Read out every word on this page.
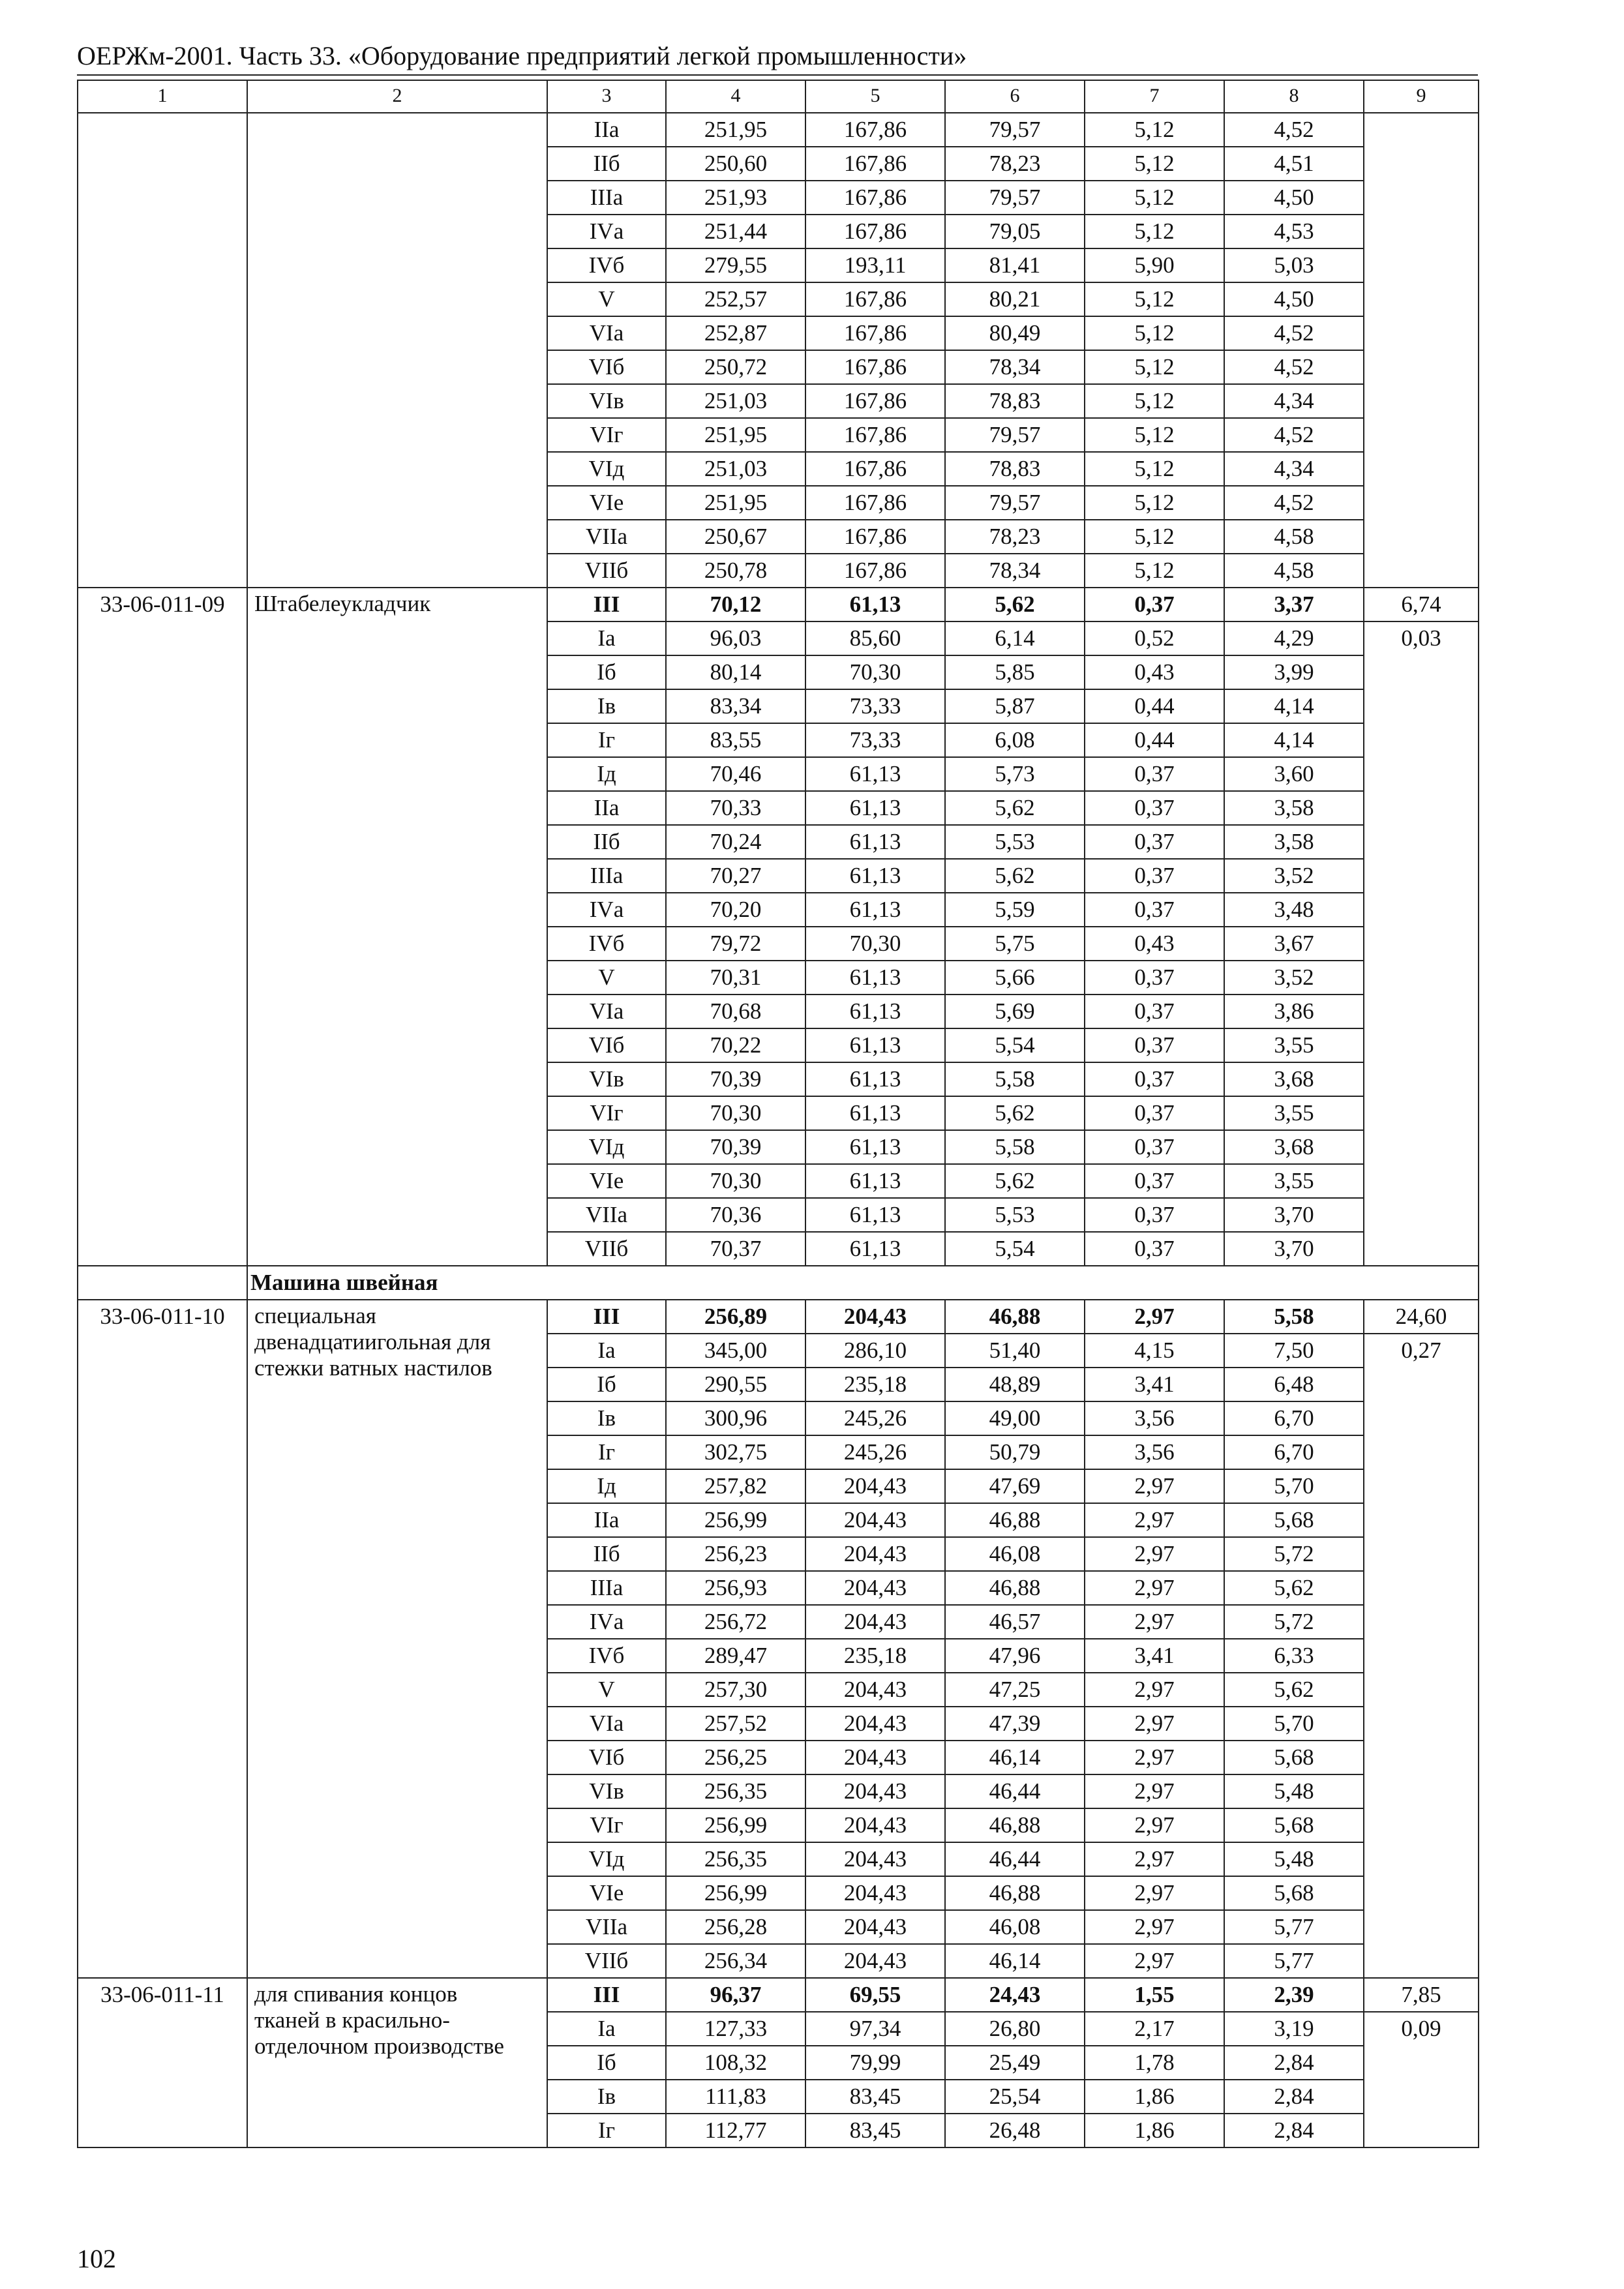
ОЕРЖм-2001. Часть 33. «Оборудование предприятий легкой промышленности»
1	2	3	4	5	6	7	8	9
		IIа	251,95	167,86	79,57	5,12	4,52	
		IIб	250,60	167,86	78,23	5,12	4,51	
		IIIа	251,93	167,86	79,57	5,12	4,50	
		IVа	251,44	167,86	79,05	5,12	4,53	
		IVб	279,55	193,11	81,41	5,90	5,03	
		V	252,57	167,86	80,21	5,12	4,50	
		VIа	252,87	167,86	80,49	5,12	4,52	
		VIб	250,72	167,86	78,34	5,12	4,52	
		VIв	251,03	167,86	78,83	5,12	4,34	
		VIг	251,95	167,86	79,57	5,12	4,52	
		VIд	251,03	167,86	78,83	5,12	4,34	
		VIе	251,95	167,86	79,57	5,12	4,52	
		VIIа	250,67	167,86	78,23	5,12	4,58	
		VIIб	250,78	167,86	78,34	5,12	4,58	
33-06-011-09	Штабелеукладчик	III	70,12	61,13	5,62	0,37	3,37	6,74
		Iа	96,03	85,60	6,14	0,52	4,29	0,03
		Iб	80,14	70,30	5,85	0,43	3,99	
		Iв	83,34	73,33	5,87	0,44	4,14	
		Iг	83,55	73,33	6,08	0,44	4,14	
		Iд	70,46	61,13	5,73	0,37	3,60	
		IIа	70,33	61,13	5,62	0,37	3,58	
		IIб	70,24	61,13	5,53	0,37	3,58	
		IIIа	70,27	61,13	5,62	0,37	3,52	
		IVа	70,20	61,13	5,59	0,37	3,48	
		IVб	79,72	70,30	5,75	0,43	3,67	
		V	70,31	61,13	5,66	0,37	3,52	
		VIа	70,68	61,13	5,69	0,37	3,86	
		VIб	70,22	61,13	5,54	0,37	3,55	
		VIв	70,39	61,13	5,58	0,37	3,68	
		VIг	70,30	61,13	5,62	0,37	3,55	
		VIд	70,39	61,13	5,58	0,37	3,68	
		VIе	70,30	61,13	5,62	0,37	3,55	
		VIIа	70,36	61,13	5,53	0,37	3,70	
		VIIб	70,37	61,13	5,54	0,37	3,70	
	Машина швейная							
33-06-011-10	специальная
двенадцатиигольная для
стежки ватных настилов	III	256,89	204,43	46,88	2,97	5,58	24,60
		Iа	345,00	286,10	51,40	4,15	7,50	0,27
		Iб	290,55	235,18	48,89	3,41	6,48	
		Iв	300,96	245,26	49,00	3,56	6,70	
		Iг	302,75	245,26	50,79	3,56	6,70	
		Iд	257,82	204,43	47,69	2,97	5,70	
		IIа	256,99	204,43	46,88	2,97	5,68	
		IIб	256,23	204,43	46,08	2,97	5,72	
		IIIа	256,93	204,43	46,88	2,97	5,62	
		IVа	256,72	204,43	46,57	2,97	5,72	
		IVб	289,47	235,18	47,96	3,41	6,33	
		V	257,30	204,43	47,25	2,97	5,62	
		VIа	257,52	204,43	47,39	2,97	5,70	
		VIб	256,25	204,43	46,14	2,97	5,68	
		VIв	256,35	204,43	46,44	2,97	5,48	
		VIг	256,99	204,43	46,88	2,97	5,68	
		VIд	256,35	204,43	46,44	2,97	5,48	
		VIе	256,99	204,43	46,88	2,97	5,68	
		VIIа	256,28	204,43	46,08	2,97	5,77	
		VIIб	256,34	204,43	46,14	2,97	5,77	
33-06-011-11	для спивания концов
тканей в красильно-
отделочном производстве	III	96,37	69,55	24,43	1,55	2,39	7,85
		Iа	127,33	97,34	26,80	2,17	3,19	0,09
		Iб	108,32	79,99	25,49	1,78	2,84	
		Iв	111,83	83,45	25,54	1,86	2,84	
		Iг	112,77	83,45	26,48	1,86	2,84	
102
